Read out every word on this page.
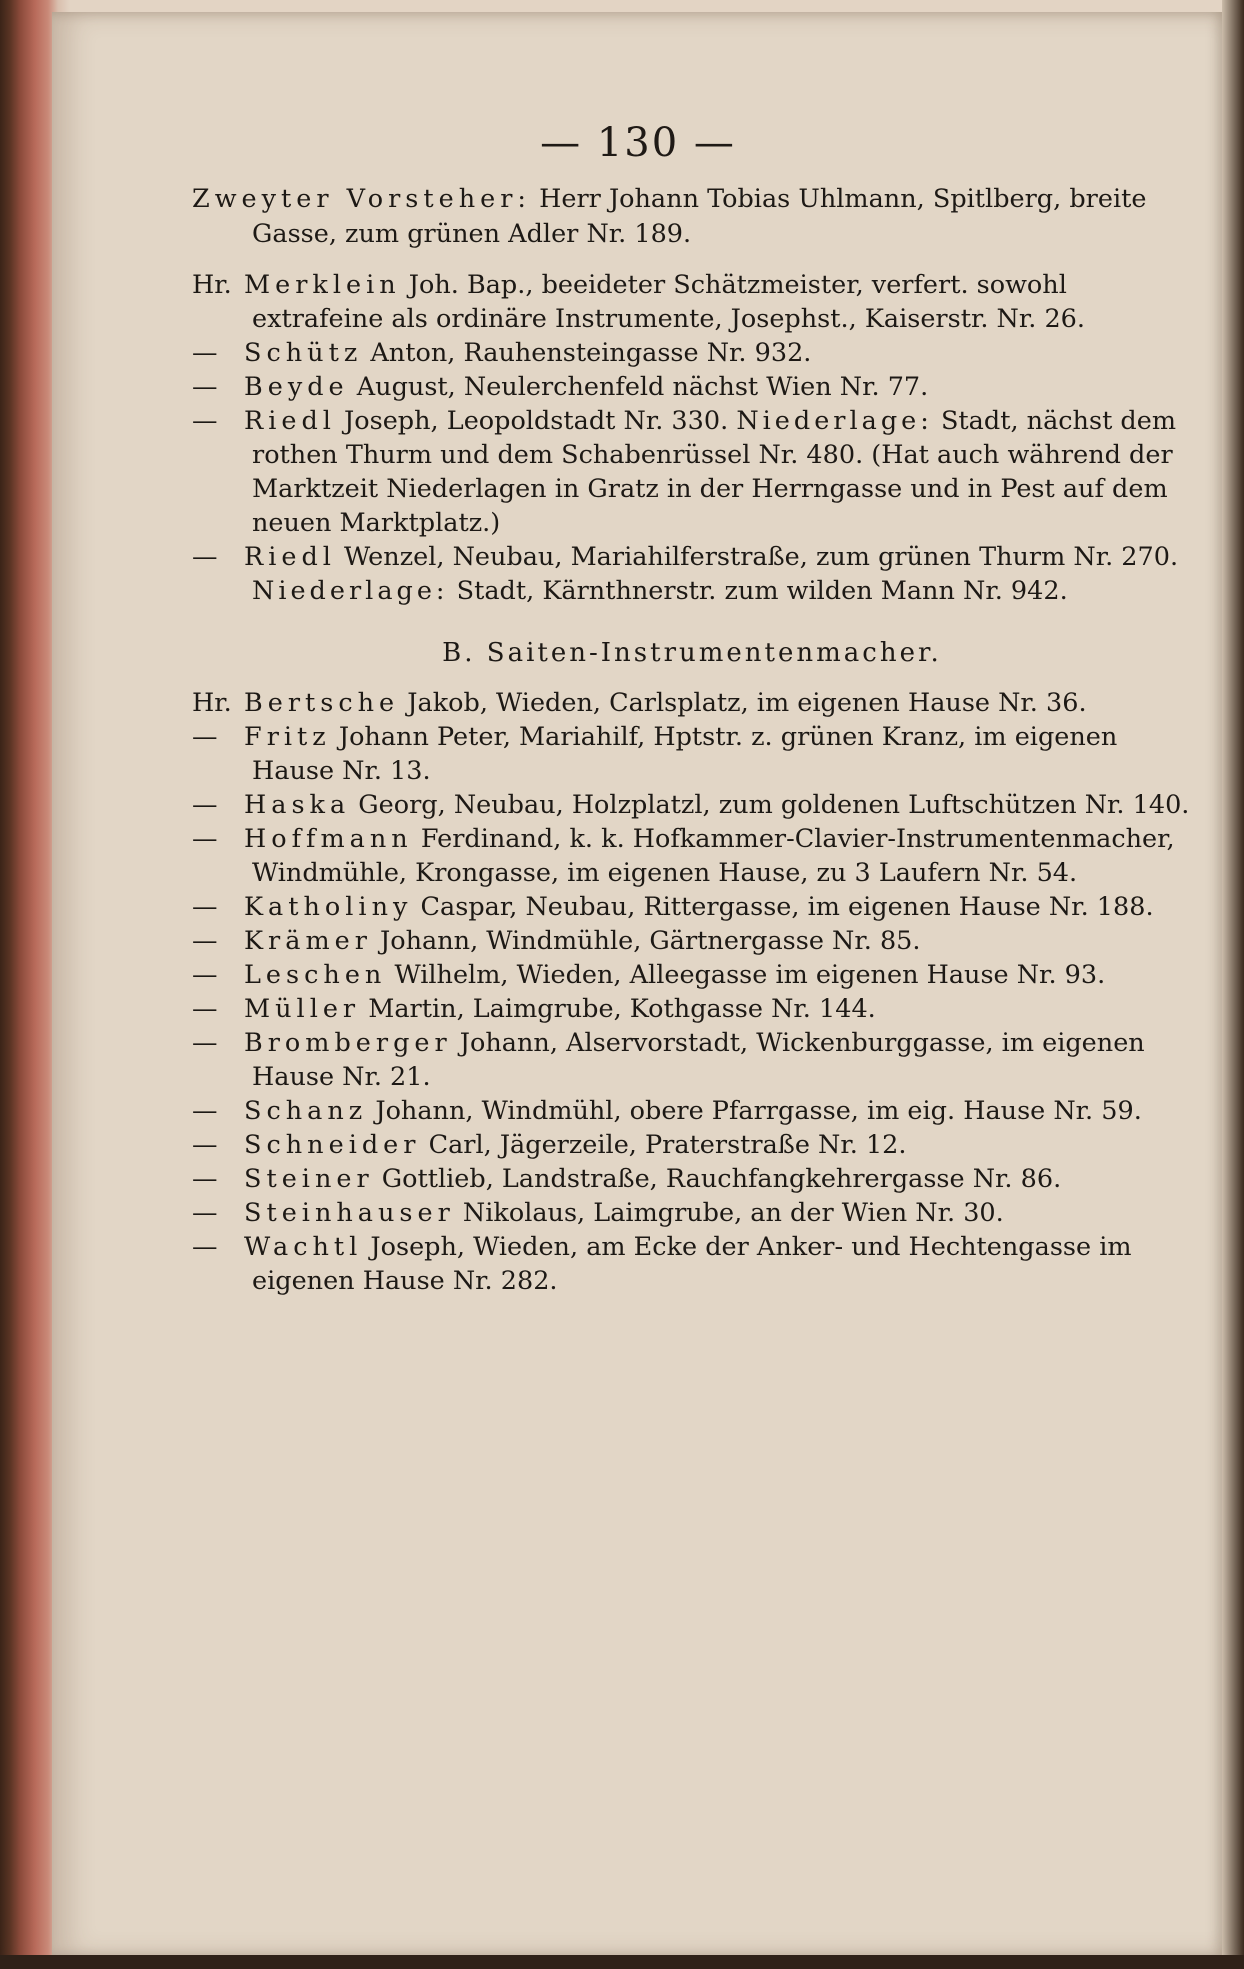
— 130 —
Zweyter Vorsteher: Herr Johann Tobias Uhlmann, Spitlberg, breite Gasse, zum grünen Adler Nr. 189.
Hr. Merklein Joh. Bap., beeideter Schätzmeister, verfert. sowohl extrafeine als ordinäre Instrumente, Josephst., Kaiserstr. Nr. 26.
— Schütz Anton, Rauhensteingasse Nr. 932.
— Beyde August, Neulerchenfeld nächst Wien Nr. 77.
— Riedl Joseph, Leopoldstadt Nr. 330. Niederlage: Stadt, nächst dem rothen Thurm und dem Schabenrüssel Nr. 480. (Hat auch während der Marktzeit Niederlagen in Gratz in der Herrngasse und in Pest auf dem neuen Marktplatz.)
— Riedl Wenzel, Neubau, Mariahilferstraße, zum grünen Thurm Nr. 270. Niederlage: Stadt, Kärnthnerstr. zum wilden Mann Nr. 942.
B. Saiten-Instrumentenmacher.
Hr. Bertsche Jakob, Wieden, Carlsplatz, im eigenen Hause Nr. 36.
— Fritz Johann Peter, Mariahilf, Hptstr. z. grünen Kranz, im eigenen Hause Nr. 13.
— Haska Georg, Neubau, Holzplatzl, zum goldenen Luftschützen Nr. 140.
— Hoffmann Ferdinand, k. k. Hofkammer-Clavier-Instrumentenmacher, Windmühle, Krongasse, im eigenen Hause, zu 3 Laufern Nr. 54.
— Katholiny Caspar, Neubau, Rittergasse, im eigenen Hause Nr. 188.
— Krämer Johann, Windmühle, Gärtnergasse Nr. 85.
— Leschen Wilhelm, Wieden, Alleegasse im eigenen Hause Nr. 93.
— Müller Martin, Laimgrube, Kothgasse Nr. 144.
— Bromberger Johann, Alservorstadt, Wickenburggasse, im eigenen Hause Nr. 21.
— Schanz Johann, Windmühl, obere Pfarrgasse, im eig. Hause Nr. 59.
— Schneider Carl, Jägerzeile, Praterstraße Nr. 12.
— Steiner Gottlieb, Landstraße, Rauchfangkehrergasse Nr. 86.
— Steinhauser Nikolaus, Laimgrube, an der Wien Nr. 30.
— Wachtl Joseph, Wieden, am Ecke der Anker- und Hechtengasse im eigenen Hause Nr. 282.
